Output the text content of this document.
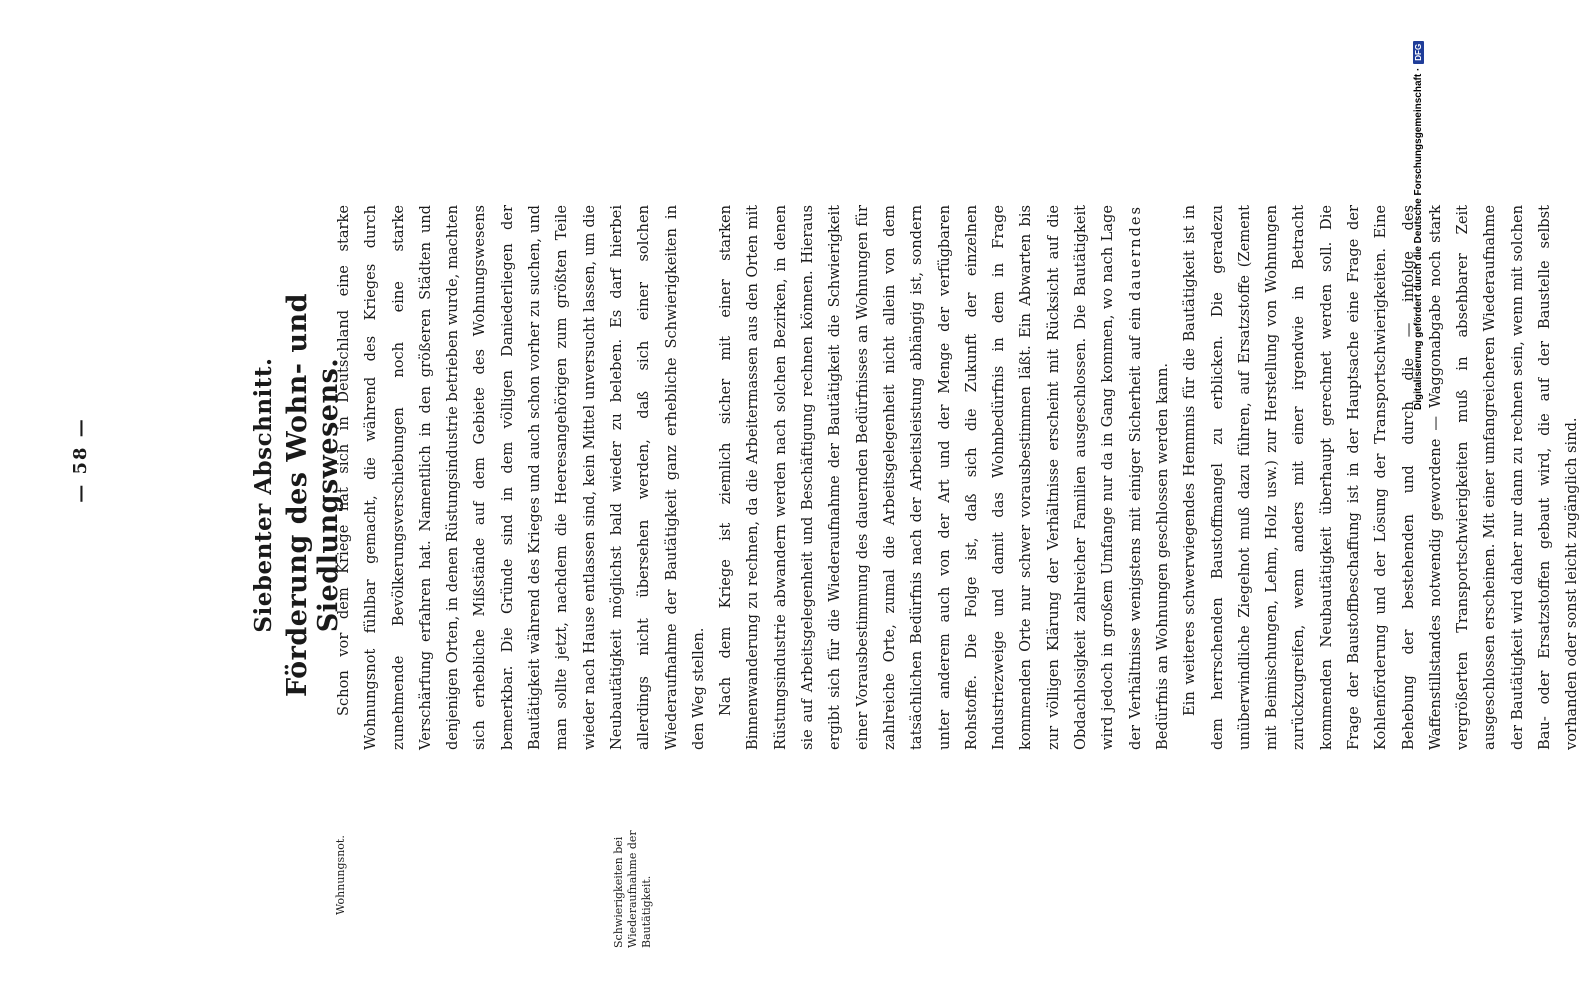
— 58 —	Siebenter Abschnitt. Förderung des Wohn- und Siedlungswesens.
Wohnungsnot.	Schwierigkeiten bei Wiederaufnahme der Bautätigkeit.

Schon vor dem Kriege hat sich in Deutschland eine starke Wohnungsnot fühlbar gemacht, die während des Krieges durch zunehmende Bevölkerungsverschiebungen noch eine starke Verschärfung erfahren hat. Namentlich in den größeren Städten und denjenigen Orten, in denen Rüstungsindustrie betrieben wurde, machten sich erhebliche Mißstände auf dem Gebiete des Wohnungswesens bemerkbar. Die Gründe sind in dem völligen Daniederliegen der Bautätigkeit während des Krieges und auch schon vorher zu suchen, und man sollte jetzt, nachdem die Heeresangehörigen zum größten Teile wieder nach Hause entlassen sind, kein Mittel unversucht lassen, um die Neubautätigkeit möglichst bald wieder zu beleben. Es darf hierbei allerdings nicht übersehen werden, daß sich einer solchen Wiederaufnahme der Bautätigkeit ganz erhebliche Schwierigkeiten in den Weg stellen. Nach dem Kriege ist ziemlich sicher mit einer starken Binnenwanderung zu rechnen, da die Arbeitermassen aus den Orten mit Rüstungsindustrie abwandern werden nach solchen Bezirken, in denen sie auf Arbeitsgelegenheit und Beschäftigung rechnen können. Hieraus ergibt sich für die Wiederaufnahme der Bautätigkeit die Schwierigkeit einer Vorausbestimmung des dauernden Bedürfnisses an Wohnungen für zahlreiche Orte, zumal die Arbeitsgelegenheit nicht allein von dem tatsächlichen Bedürfnis nach der Arbeitsleistung abhängig ist, sondern unter anderem auch von der Art und der Menge der verfügbaren Rohstoffe. Die Folge ist, daß sich die Zukunft der einzelnen Industriezweige und damit das Wohnbedürfnis in dem in Frage kommenden Orte nur schwer vorausbestimmen läßt. Ein Abwarten bis zur völligen Klärung der Verhältnisse erscheint mit Rücksicht auf die Obdachlosigkeit zahlreicher Familien ausgeschlossen. Die Bautätigkeit wird jedoch in großem Umfange nur da in Gang kommen, wo nach Lage der Verhältnisse wenigstens mit einiger Sicherheit auf ein dauerndes Bedürfnis an Wohnungen geschlossen werden kann. Ein weiteres schwerwiegendes Hemmnis für die Bautätigkeit ist in dem herrschenden Baustoffmangel zu erblicken. Die geradezu unüberwindliche Ziegelnot muß dazu führen, auf Ersatzstoffe (Zement mit Beimischungen, Lehm, Holz usw.) zur Herstellung von Wohnungen zurückzugreifen, wenn anders mit einer irgendwie in Betracht kommenden Neubautätigkeit überhaupt gerechnet werden soll. Die Frage der Baustoffbeschaffung ist in der Hauptsache eine Frage der Kohlenförderung und der Lösung der Transportschwierigkeiten. Eine Behebung der bestehenden und durch die — infolge des Waffenstillstandes notwendig gewordene — Waggonabgabe noch stark vergrößerten Transportschwierigkeiten muß in absehbarer Zeit ausgeschlossen erscheinen. Mit einer umfangreicheren Wiederaufnahme der Bautätigkeit wird daher nur dann zu rechnen sein, wenn mit solchen Bau- oder Ersatzstoffen gebaut wird, die auf der Baustelle selbst vorhanden oder sonst leicht zugänglich sind.

Digitalisierung gefördert durch die Deutsche Forschungsgemeinschaft ·
DFG
